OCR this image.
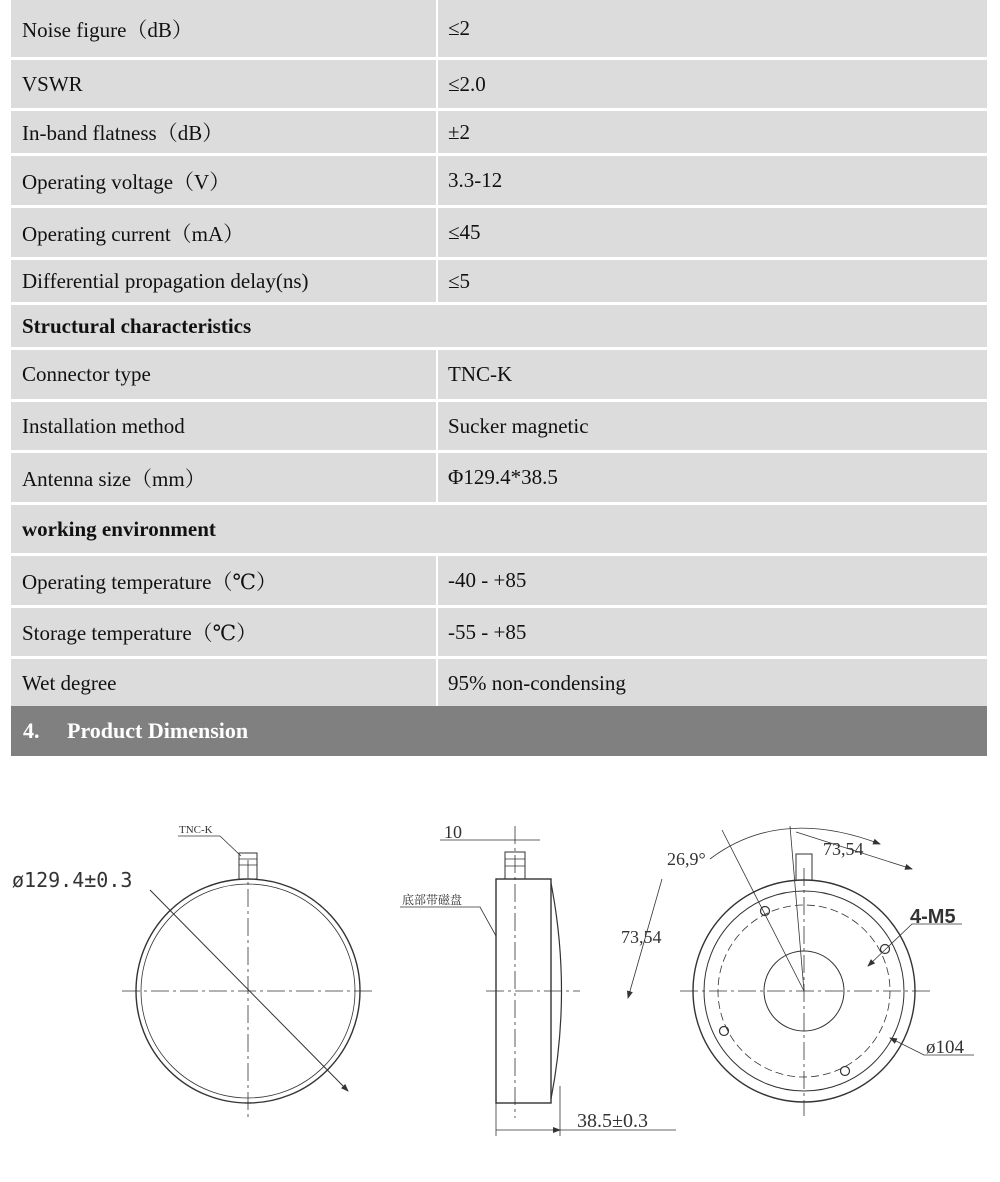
Noise figure（dB）	≤2
VSWR	≤2.0
In-band flatness（dB）	±2
Operating voltage（V）	3.3-12
Operating current（mA）	≤45
Differential propagation delay(ns)	≤5
Structural characteristics
Connector type	TNC-K
Installation method	Sucker magnetic
Antenna size（mm）	Φ129.4*38.5
working environment
Operating temperature（℃）	-40 - +85
Storage temperature（℃）	-55 - +85
Wet degree	95% non-condensing
4.	Product Dimension
TNC-K
ø129.4±0.3
10
底部带磁盘
38.5±0.3
26,9°	73,54
73,54
4-M5
ø104
